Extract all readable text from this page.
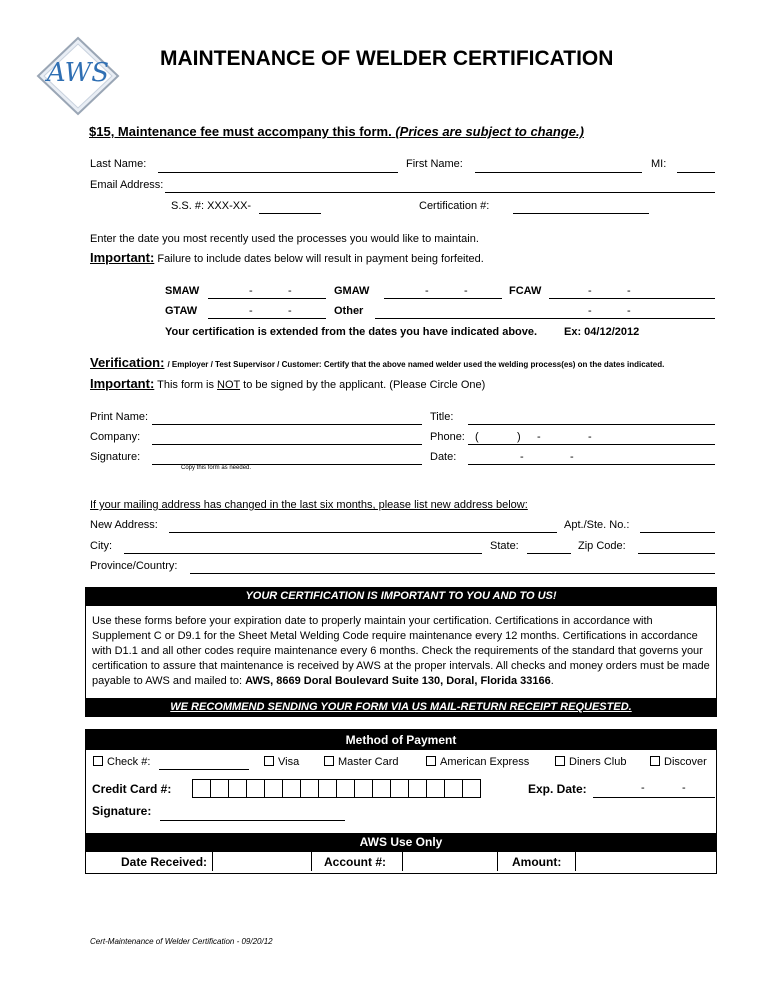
AWS	MAINTENANCE OF WELDER CERTIFICATION
$15, Maintenance fee must accompany this form. (Prices are subject to change.)
Last Name:	First Name:	MI:
Email Address:
S.S. #: XXX-XX-	Certification #:
Enter the date you most recently used the processes you would like to maintain.
Important: Failure to include dates below will result in payment being forfeited.
SMAW	-	-	GMAW	-	-	FCAW	-	-
GTAW	-	-	Other	-	-
Your certification is extended from the dates you have indicated above. Ex: 04/12/2012
Verification: / Employer / Test Supervisor / Customer: Certify that the above named welder used the welding process(es) on the dates indicated.
Important: This form is NOT to be signed by the applicant. (Please Circle One)
Print Name:	Title:
Company:	Phone: (	) -	-
Signature:	Date:	-	-
Copy this form as needed.
If your mailing address has changed in the last six months, please list new address below:
New Address:	Apt./Ste. No.:
City:	State:	Zip Code:
Province/Country:
YOUR CERTIFICATION IS IMPORTANT TO YOU AND TO US!
Use these forms before your expiration date to properly maintain your certification. Certifications in accordance with Supplement C or D9.1 for the Sheet Metal Welding Code require maintenance every 12 months. Certifications in accordance with D1.1 and all other codes require maintenance every 6 months. Check the requirements of the standard that governs your certification to assure that maintenance is received by AWS at the proper intervals. All checks and money orders must be made payable to AWS and mailed to: AWS, 8669 Doral Boulevard Suite 130, Doral, Florida 33166.
WE RECOMMEND SENDING YOUR FORM VIA US MAIL-RETURN RECEIPT REQUESTED.
Method of Payment
Check #:	Visa	Master Card	American Express	Diners Club	Discover
Credit Card #:	Exp. Date:	-	-
Signature:
AWS Use Only
Date Received:	Account #:	Amount:
Cert-Maintenance of Welder Certification - 09/20/12
